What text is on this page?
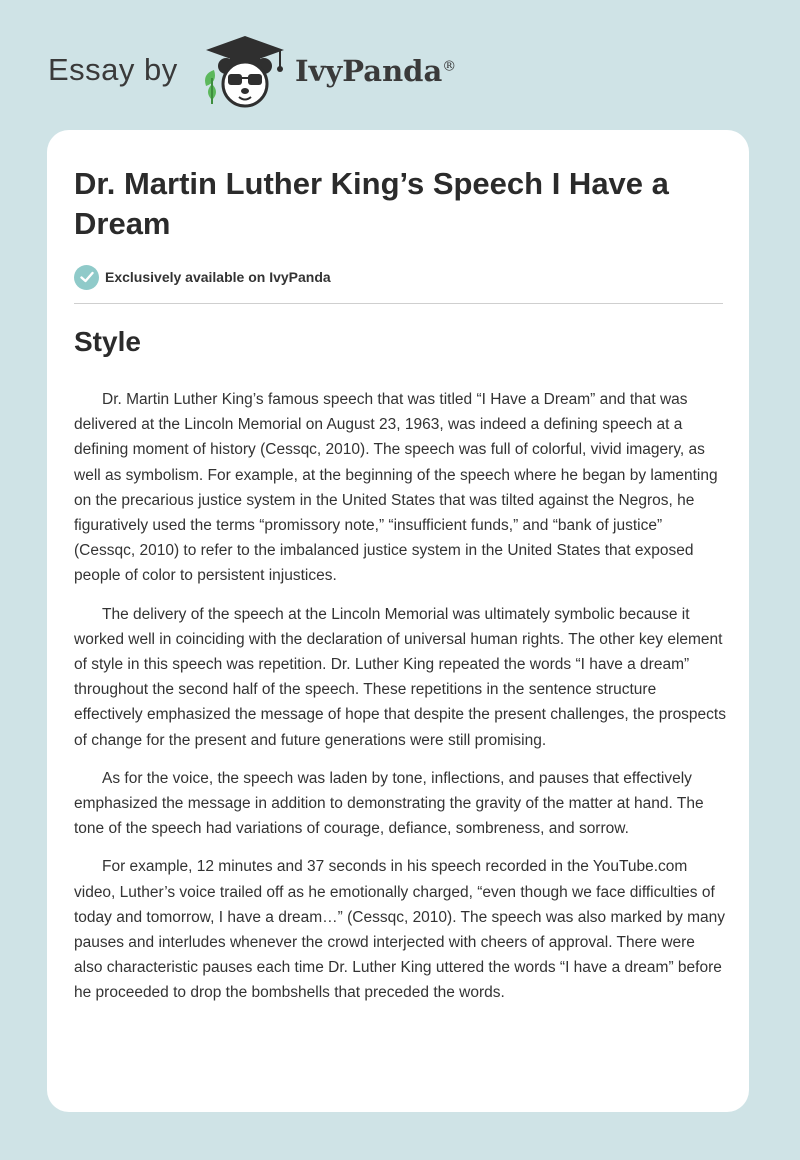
Essay by	IvyPanda®
Dr. Martin Luther King’s Speech I Have a Dream
Exclusively available on IvyPanda
Style

Dr. Martin Luther King’s famous speech that was titled “I Have a Dream” and that was delivered at the Lincoln Memorial on August 23, 1963, was indeed a defining speech at a defining moment of history (Cessqc, 2010). The speech was full of colorful, vivid imagery, as well as symbolism. For example, at the beginning of the speech where he began by lamenting on the precarious justice system in the United States that was tilted against the Negros, he figuratively used the terms “promissory note,” “insufficient funds,” and “bank of justice” (Cessqc, 2010) to refer to the imbalanced justice system in the United States that exposed people of color to persistent injustices.

The delivery of the speech at the Lincoln Memorial was ultimately symbolic because it worked well in coinciding with the declaration of universal human rights. The other key element of style in this speech was repetition. Dr. Luther King repeated the words “I have a dream” throughout the second half of the speech. These repetitions in the sentence structure effectively emphasized the message of hope that despite the present challenges, the prospects of change for the present and future generations were still promising.

As for the voice, the speech was laden by tone, inflections, and pauses that effectively emphasized the message in addition to demonstrating the gravity of the matter at hand. The tone of the speech had variations of courage, defiance, sombreness, and sorrow.

For example, 12 minutes and 37 seconds in his speech recorded in the YouTube.com video, Luther’s voice trailed off as he emotionally charged, “even though we face difficulties of today and tomorrow, I have a dream…” (Cessqc, 2010). The speech was also marked by many pauses and interludes whenever the crowd interjected with cheers of approval. There were also characteristic pauses each time Dr. Luther King uttered the words “I have a dream” before he proceeded to drop the bombshells that preceded the words.
